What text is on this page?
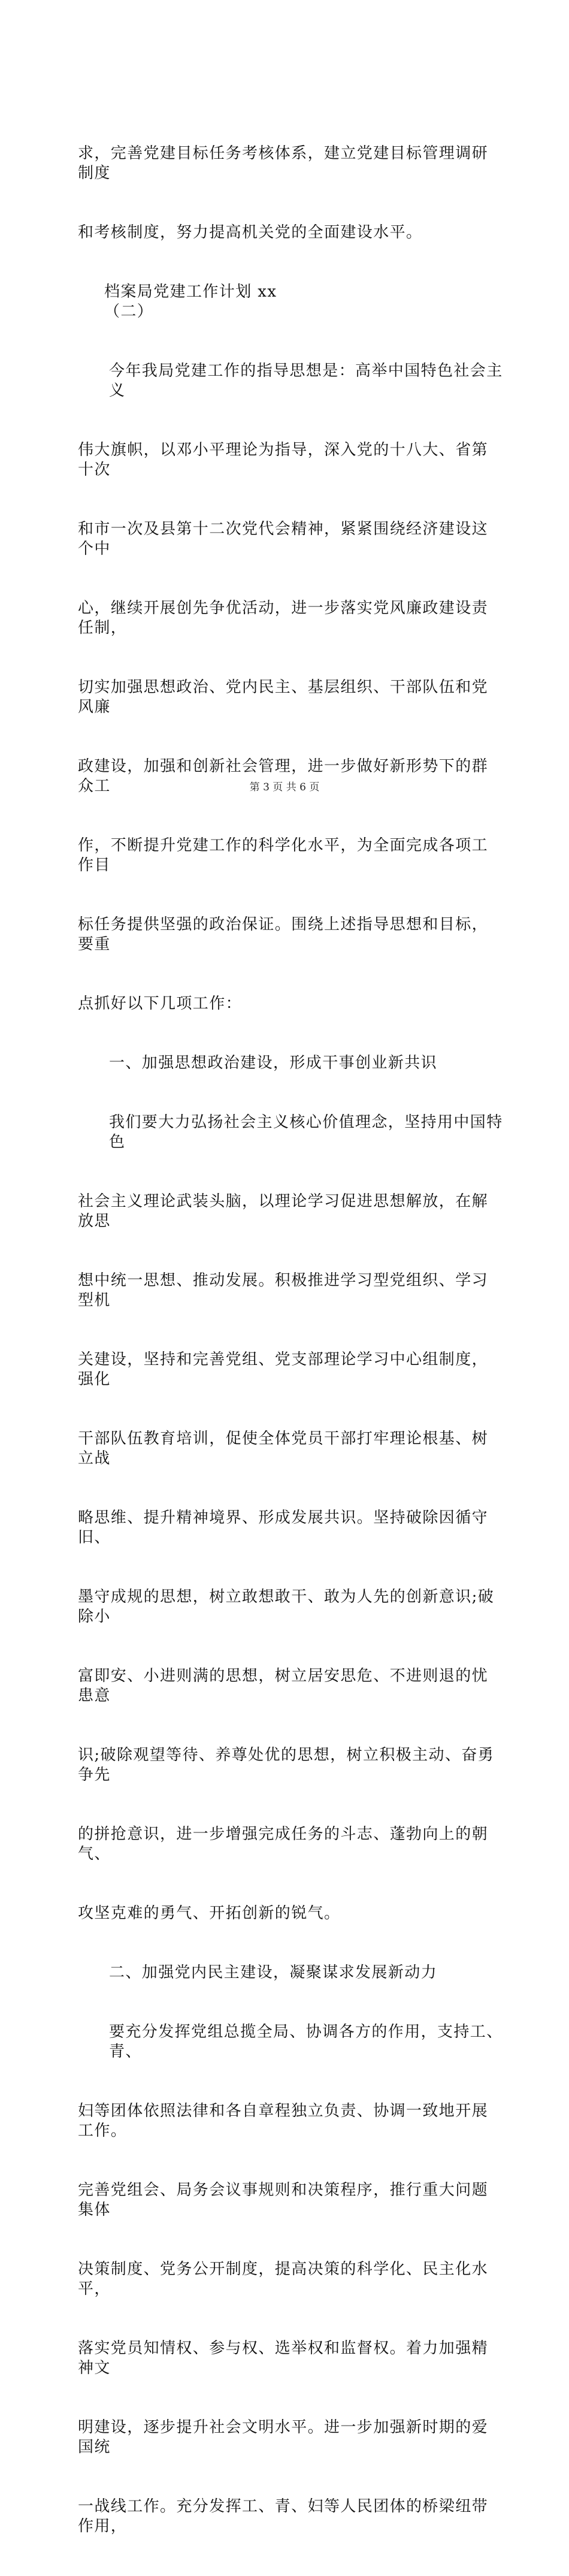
求，完善党建目标任务考核体系，建立党建目标管理调研制度

和考核制度，努力提高机关党的全面建设水平。

档案局党建工作计划 xx
（二）

今年我局党建工作的指导思想是：高举中国特色社会主义

伟大旗帜，以邓小平理论为指导，深入党的十八大、省第十次

和市一次及县第十二次党代会精神，紧紧围绕经济建设这个中

心，继续开展创先争优活动，进一步落实党风廉政建设责任制，

切实加强思想政治、党内民主、基层组织、干部队伍和党风廉

政建设，加强和创新社会管理，进一步做好新形势下的群众工

作，不断提升党建工作的科学化水平，为全面完成各项工作目

标任务提供坚强的政治保证。围绕上述指导思想和目标，要重

点抓好以下几项工作：

一、加强思想政治建设，形成干事创业新共识

我们要大力弘扬社会主义核心价值理念，坚持用中国特色

社会主义理论武装头脑，以理论学习促进思想解放，在解放思

想中统一思想、推动发展。积极推进学习型党组织、学习型机

关建设，坚持和完善党组、党支部理论学习中心组制度，强化

干部队伍教育培训，促使全体党员干部打牢理论根基、树立战

略思维、提升精神境界、形成发展共识。坚持破除因循守旧、

墨守成规的思想，树立敢想敢干、敢为人先的创新意识;破除小

富即安、小进则满的思想，树立居安思危、不进则退的忧患意

识;破除观望等待、养尊处优的思想，树立积极主动、奋勇争先

的拼抢意识，进一步增强完成任务的斗志、蓬勃向上的朝气、

攻坚克难的勇气、开拓创新的锐气。

二、加强党内民主建设，凝聚谋求发展新动力

要充分发挥党组总揽全局、协调各方的作用，支持工、青、

妇等团体依照法律和各自章程独立负责、协调一致地开展工作。

完善党组会、局务会议事规则和决策程序，推行重大问题集体

决策制度、党务公开制度，提高决策的科学化、民主化水平，

落实党员知情权、参与权、选举权和监督权。着力加强精神文

明建设，逐步提升社会文明水平。进一步加强新时期的爱国统

一战线工作。充分发挥工、青、妇等人民团体的桥梁纽带作用，

第 3 页 共 6 页
